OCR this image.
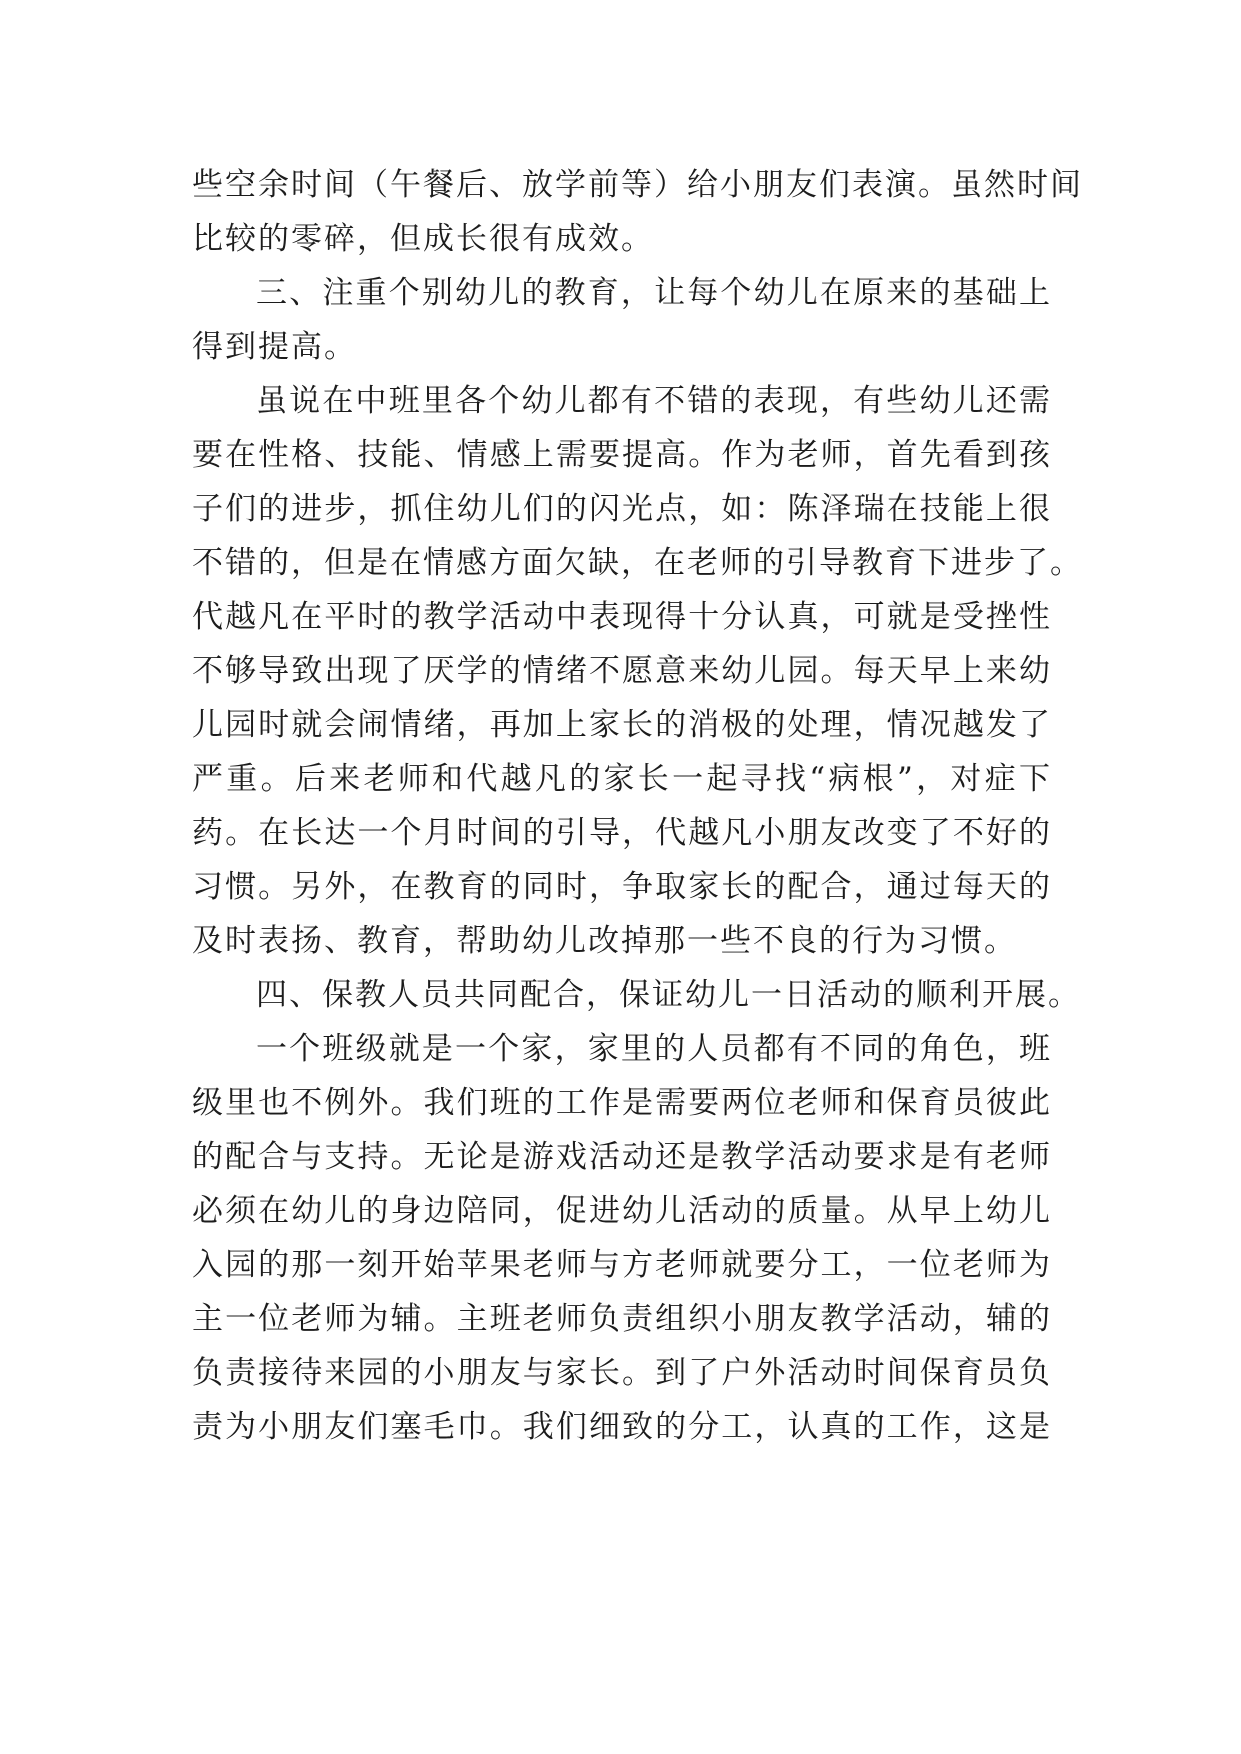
些空余时间（午餐后、放学前等）给小朋友们表演。虽然时间
比较的零碎，但成长很有成效。
三、注重个别幼儿的教育，让每个幼儿在原来的基础上
得到提高。
虽说在中班里各个幼儿都有不错的表现，有些幼儿还需
要在性格、技能、情感上需要提高。作为老师，首先看到孩
子们的进步，抓住幼儿们的闪光点，如：陈泽瑞在技能上很
不错的，但是在情感方面欠缺，在老师的引导教育下进步了。
代越凡在平时的教学活动中表现得十分认真，可就是受挫性
不够导致出现了厌学的情绪不愿意来幼儿园。每天早上来幼
儿园时就会闹情绪，再加上家长的消极的处理，情况越发了
严重。后来老师和代越凡的家长一起寻找“病根”，对症下
药。在长达一个月时间的引导，代越凡小朋友改变了不好的
习惯。另外，在教育的同时，争取家长的配合，通过每天的
及时表扬、教育，帮助幼儿改掉那一些不良的行为习惯。
四、保教人员共同配合，保证幼儿一日活动的顺利开展。
一个班级就是一个家，家里的人员都有不同的角色，班
级里也不例外。我们班的工作是需要两位老师和保育员彼此
的配合与支持。无论是游戏活动还是教学活动要求是有老师
必须在幼儿的身边陪同，促进幼儿活动的质量。从早上幼儿
入园的那一刻开始苹果老师与方老师就要分工，一位老师为
主一位老师为辅。主班老师负责组织小朋友教学活动，辅的
负责接待来园的小朋友与家长。到了户外活动时间保育员负
责为小朋友们塞毛巾。我们细致的分工，认真的工作，这是
